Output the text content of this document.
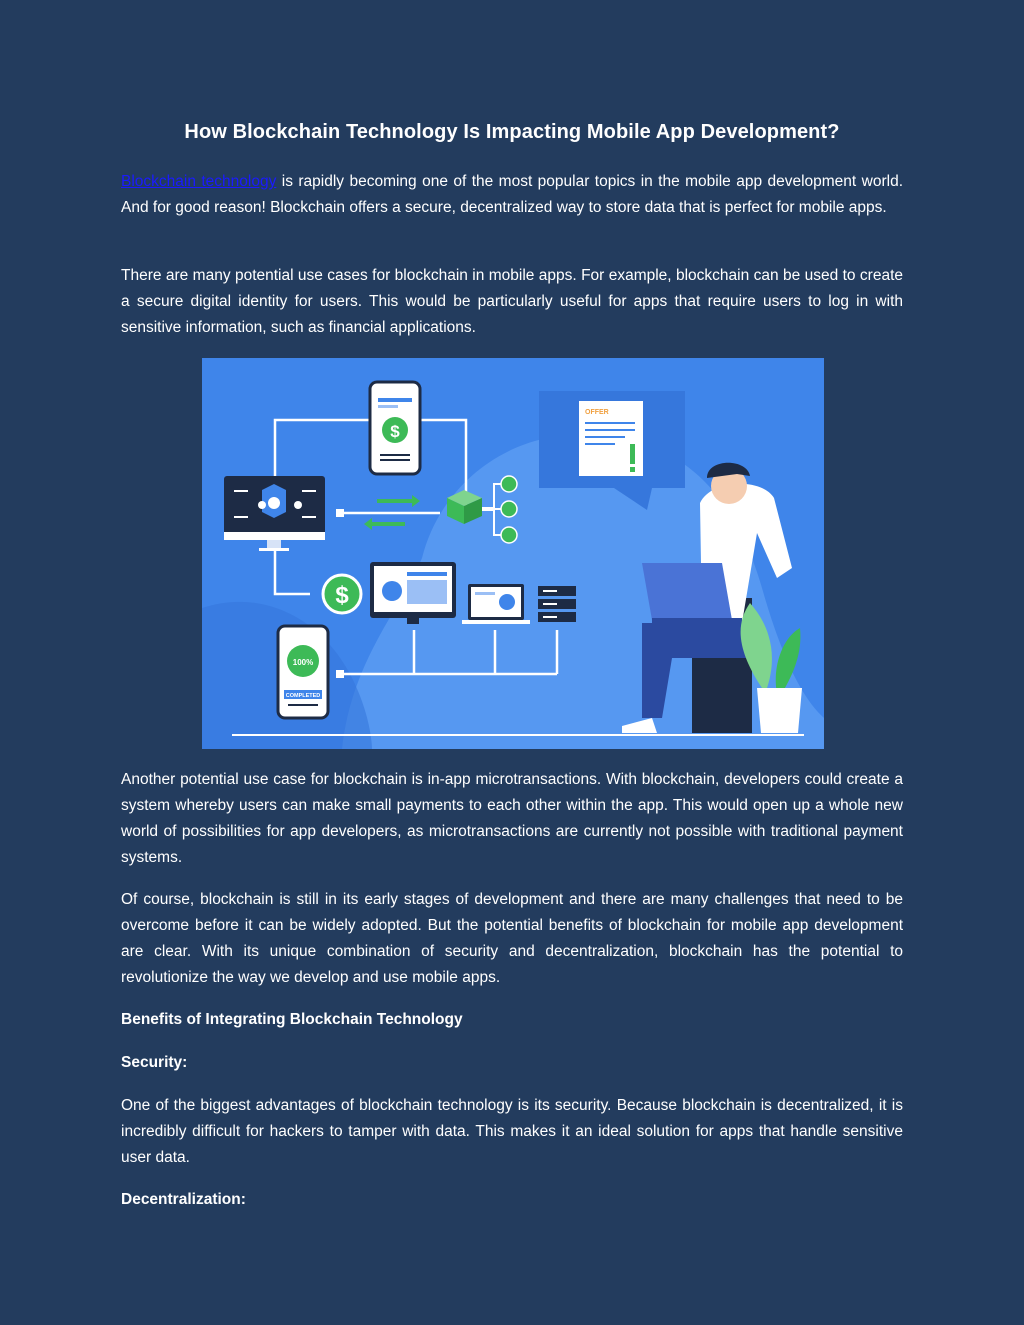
How Blockchain Technology Is Impacting Mobile App Development?

Blockchain technology is rapidly becoming one of the most popular topics in the mobile app development world. And for good reason! Blockchain offers a secure, decentralized way to store data that is perfect for mobile apps.

There are many potential use cases for blockchain in mobile apps. For example, blockchain can be used to create a secure digital identity for users. This would be particularly useful for apps that require users to log in with sensitive information, such as financial applications.

$
$
100%
COMPLETED
OFFER

Another potential use case for blockchain is in-app microtransactions. With blockchain, developers could create a system whereby users can make small payments to each other within the app. This would open up a whole new world of possibilities for app developers, as microtransactions are currently not possible with traditional payment systems.

Of course, blockchain is still in its early stages of development and there are many challenges that need to be overcome before it can be widely adopted. But the potential benefits of blockchain for mobile app development are clear. With its unique combination of security and decentralization, blockchain has the potential to revolutionize the way we develop and use mobile apps.

Benefits of Integrating Blockchain Technology

Security:

One of the biggest advantages of blockchain technology is its security. Because blockchain is decentralized, it is incredibly difficult for hackers to tamper with data. This makes it an ideal solution for apps that handle sensitive user data.

Decentralization:
